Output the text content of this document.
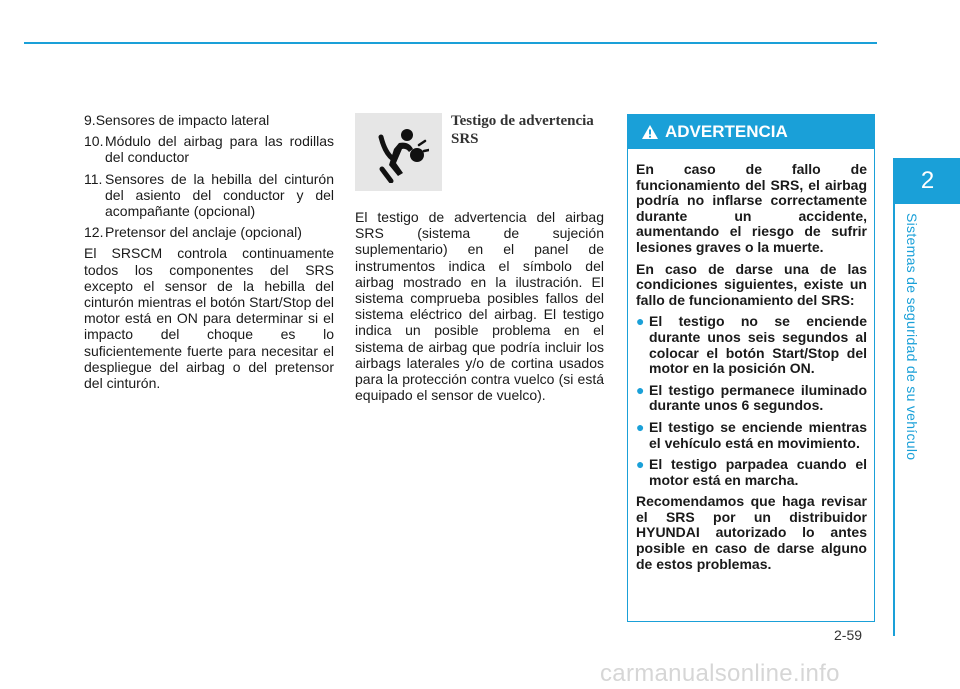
2
Sistemas de seguridad de su vehículo
9. Sensores de impacto lateral
10. Módulo del airbag para las rodillas del conductor
11. Sensores de la hebilla del cinturón del asiento del conductor y del acompañante (opcional)
12. Pretensor del anclaje (opcional)

El SRSCM controla continuamente todos los componentes del SRS excepto el sensor de la hebilla del cinturón mientras el botón Start/Stop del motor está en ON para determinar si el impacto del choque es lo suficientemente fuerte para necesitar el despliegue del airbag o del pretensor del cinturón.

Testigo de advertencia SRS

El testigo de advertencia del airbag SRS (sistema de sujeción suplementario) en el panel de instrumentos indica el símbolo del airbag mostrado en la ilustración. El sistema comprueba posibles fallos del sistema eléctrico del airbag. El testigo indica un posible problema en el sistema de airbag que podría incluir los airbags laterales y/o de cortina usados para la protección contra vuelco (si está equipado el sensor de vuelco).

ADVERTENCIA

En caso de fallo de funcionamiento del SRS, el airbag podría no inflarse correctamente durante un accidente, aumentando el riesgo de sufrir lesiones graves o la muerte.

En caso de darse una de las condiciones siguientes, existe un fallo de funcionamiento del SRS:

● El testigo no se enciende durante unos seis segundos al colocar el botón Start/Stop del motor en la posición ON.
● El testigo permanece iluminado durante unos 6 segundos.
● El testigo se enciende mientras el vehículo está en movimiento.
● El testigo parpadea cuando el motor está en marcha.

Recomendamos que haga revisar el SRS por un distribuidor HYUNDAI autorizado lo antes posible en caso de darse alguno de estos problemas.

2-59
carmanualsonline.info
